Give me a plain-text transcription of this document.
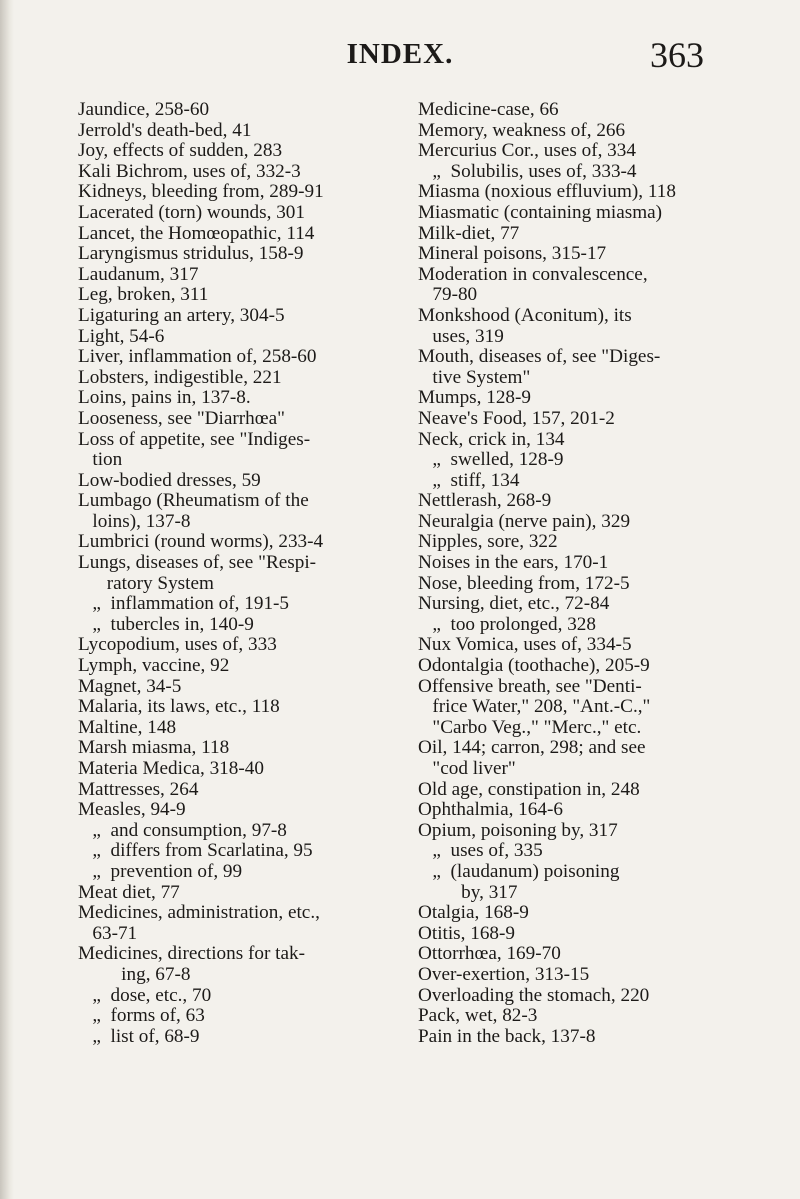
INDEX.	363
Jaundice, 258-60
Jerrold's death-bed, 41
Joy, effects of sudden, 283
Kali Bichrom, uses of, 332-3
Kidneys, bleeding from, 289-91
Lacerated (torn) wounds, 301
Lancet, the Homœopathic, 114
Laryngismus stridulus, 158-9
Laudanum, 317
Leg, broken, 311
Ligaturing an artery, 304-5
Light, 54-6
Liver, inflammation of, 258-60
Lobsters, indigestible, 221
Loins, pains in, 137-8.
Looseness, see "Diarrhœa"
Loss of appetite, see "Indiges-
tion
Low-bodied dresses, 59
Lumbago (Rheumatism of the
loins), 137-8
Lumbrici (round worms), 233-4
Lungs, diseases of, see "Respi-
ratory System
„  inflammation of, 191-5
„  tubercles in, 140-9
Lycopodium, uses of, 333
Lymph, vaccine, 92
Magnet, 34-5
Malaria, its laws, etc., 118
Maltine, 148
Marsh miasma, 118
Materia Medica, 318-40
Mattresses, 264
Measles, 94-9
„  and consumption, 97-8
„  differs from Scarlatina, 95
„  prevention of, 99
Meat diet, 77
Medicines, administration, etc.,
63-71
Medicines, directions for tak-
ing, 67-8
„  dose, etc., 70
„  forms of, 63
„  list of, 68-9
Medicine-case, 66
Memory, weakness of, 266
Mercurius Cor., uses of, 334
„  Solubilis, uses of, 333-4
Miasma (noxious effluvium), 118
Miasmatic (containing miasma)
Milk-diet, 77
Mineral poisons, 315-17
Moderation in convalescence,
79-80
Monkshood (Aconitum), its
uses, 319
Mouth, diseases of, see "Diges-
tive System"
Mumps, 128-9
Neave's Food, 157, 201-2
Neck, crick in, 134
„  swelled, 128-9
„  stiff, 134
Nettlerash, 268-9
Neuralgia (nerve pain), 329
Nipples, sore, 322
Noises in the ears, 170-1
Nose, bleeding from, 172-5
Nursing, diet, etc., 72-84
„  too prolonged, 328
Nux Vomica, uses of, 334-5
Odontalgia (toothache), 205-9
Offensive breath, see "Denti-
frice Water," 208, "Ant.-C.,"
"Carbo Veg.," "Merc.," etc.
Oil, 144; carron, 298; and see
"cod liver"
Old age, constipation in, 248
Ophthalmia, 164-6
Opium, poisoning by, 317
„  uses of, 335
„  (laudanum) poisoning
by, 317
Otalgia, 168-9
Otitis, 168-9
Ottorrhœa, 169-70
Over-exertion, 313-15
Overloading the stomach, 220
Pack, wet, 82-3
Pain in the back, 137-8
